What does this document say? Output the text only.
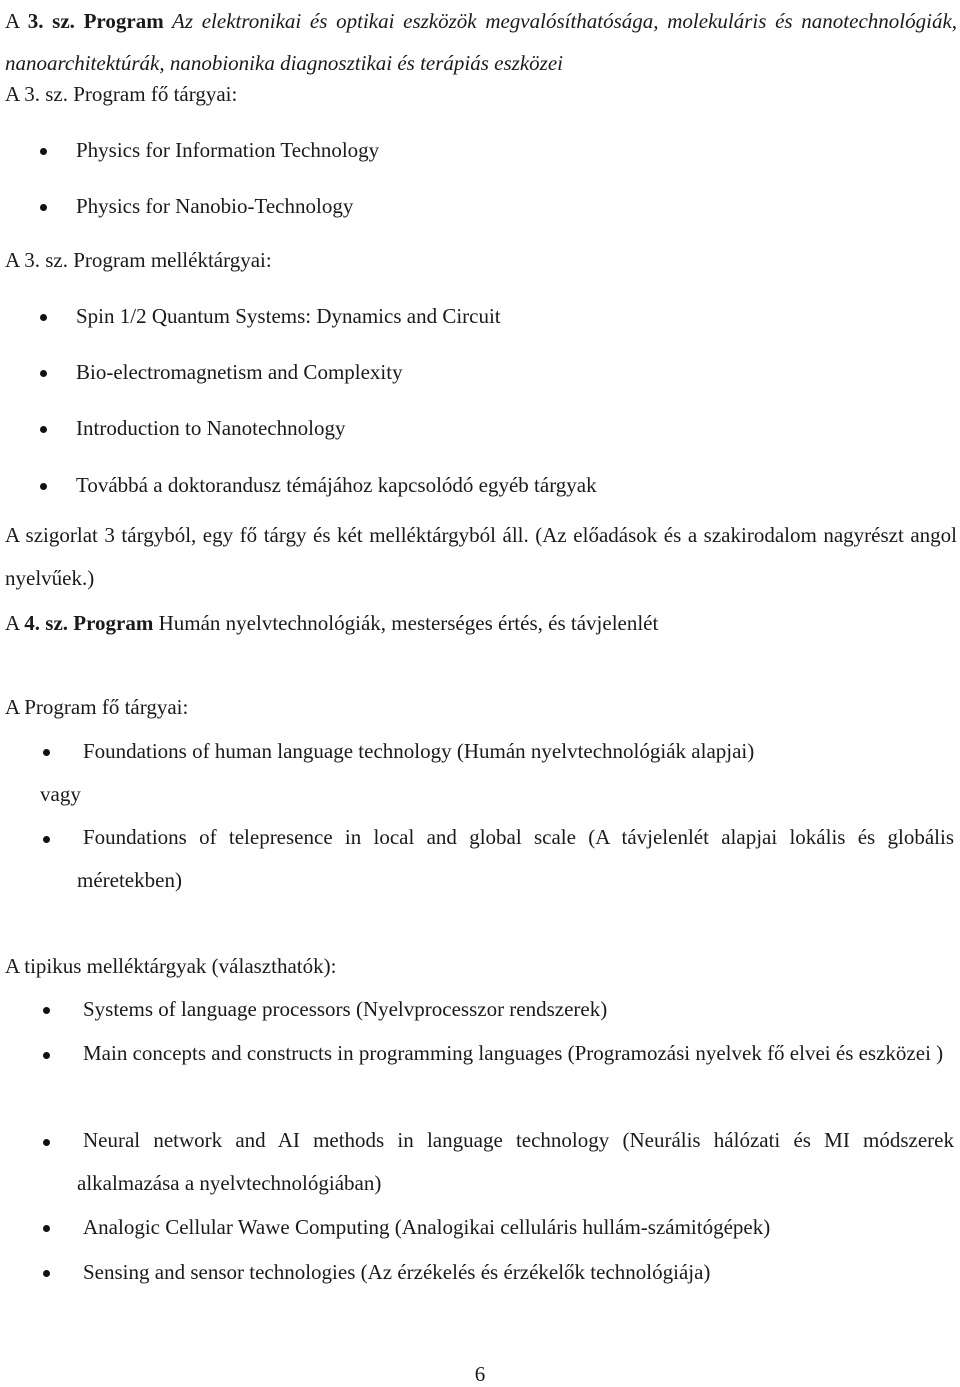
A 3. sz. Program Az elektronikai és optikai eszközök megvalósíthatósága, molekuláris és nanotechnológiák, nanoarchitektúrák, nanobionika diagnosztikai és terápiás eszközei
A 3. sz. Program fő tárgyai:
Physics for Information Technology
Physics for Nanobio-Technology
A 3. sz. Program melléktárgyai:
Spin 1/2 Quantum Systems: Dynamics and Circuit
Bio-electromagnetism and Complexity
Introduction to Nanotechnology
Továbbá a doktorandusz témájához kapcsolódó egyéb tárgyak
A szigorlat 3 tárgyból, egy fő tárgy és két melléktárgyból áll. (Az előadások és a szakirodalom nagyrészt angol nyelvűek.)
A 4. sz. Program Humán nyelvtechnológiák, mesterséges értés, és távjelenlét
A Program fő tárgyai:
Foundations of human language technology (Humán nyelvtechnológiák alapjai)
vagy
Foundations of telepresence in local and global scale (A távjelenlét alapjai lokális és globális méretekben)
A tipikus melléktárgyak (választhatók):
Systems of language processors (Nyelvprocesszor rendszerek)
Main concepts and constructs in programming languages (Programozási nyelvek fő elvei és eszközei )
Neural network and AI methods in language technology (Neurális hálózati és MI módszerek alkalmazása a nyelvtechnológiában)
Analogic Cellular Wawe Computing (Analogikai celluláris hullám-számitógépek)
Sensing and sensor technologies (Az érzékelés és érzékelők technológiája)
6
